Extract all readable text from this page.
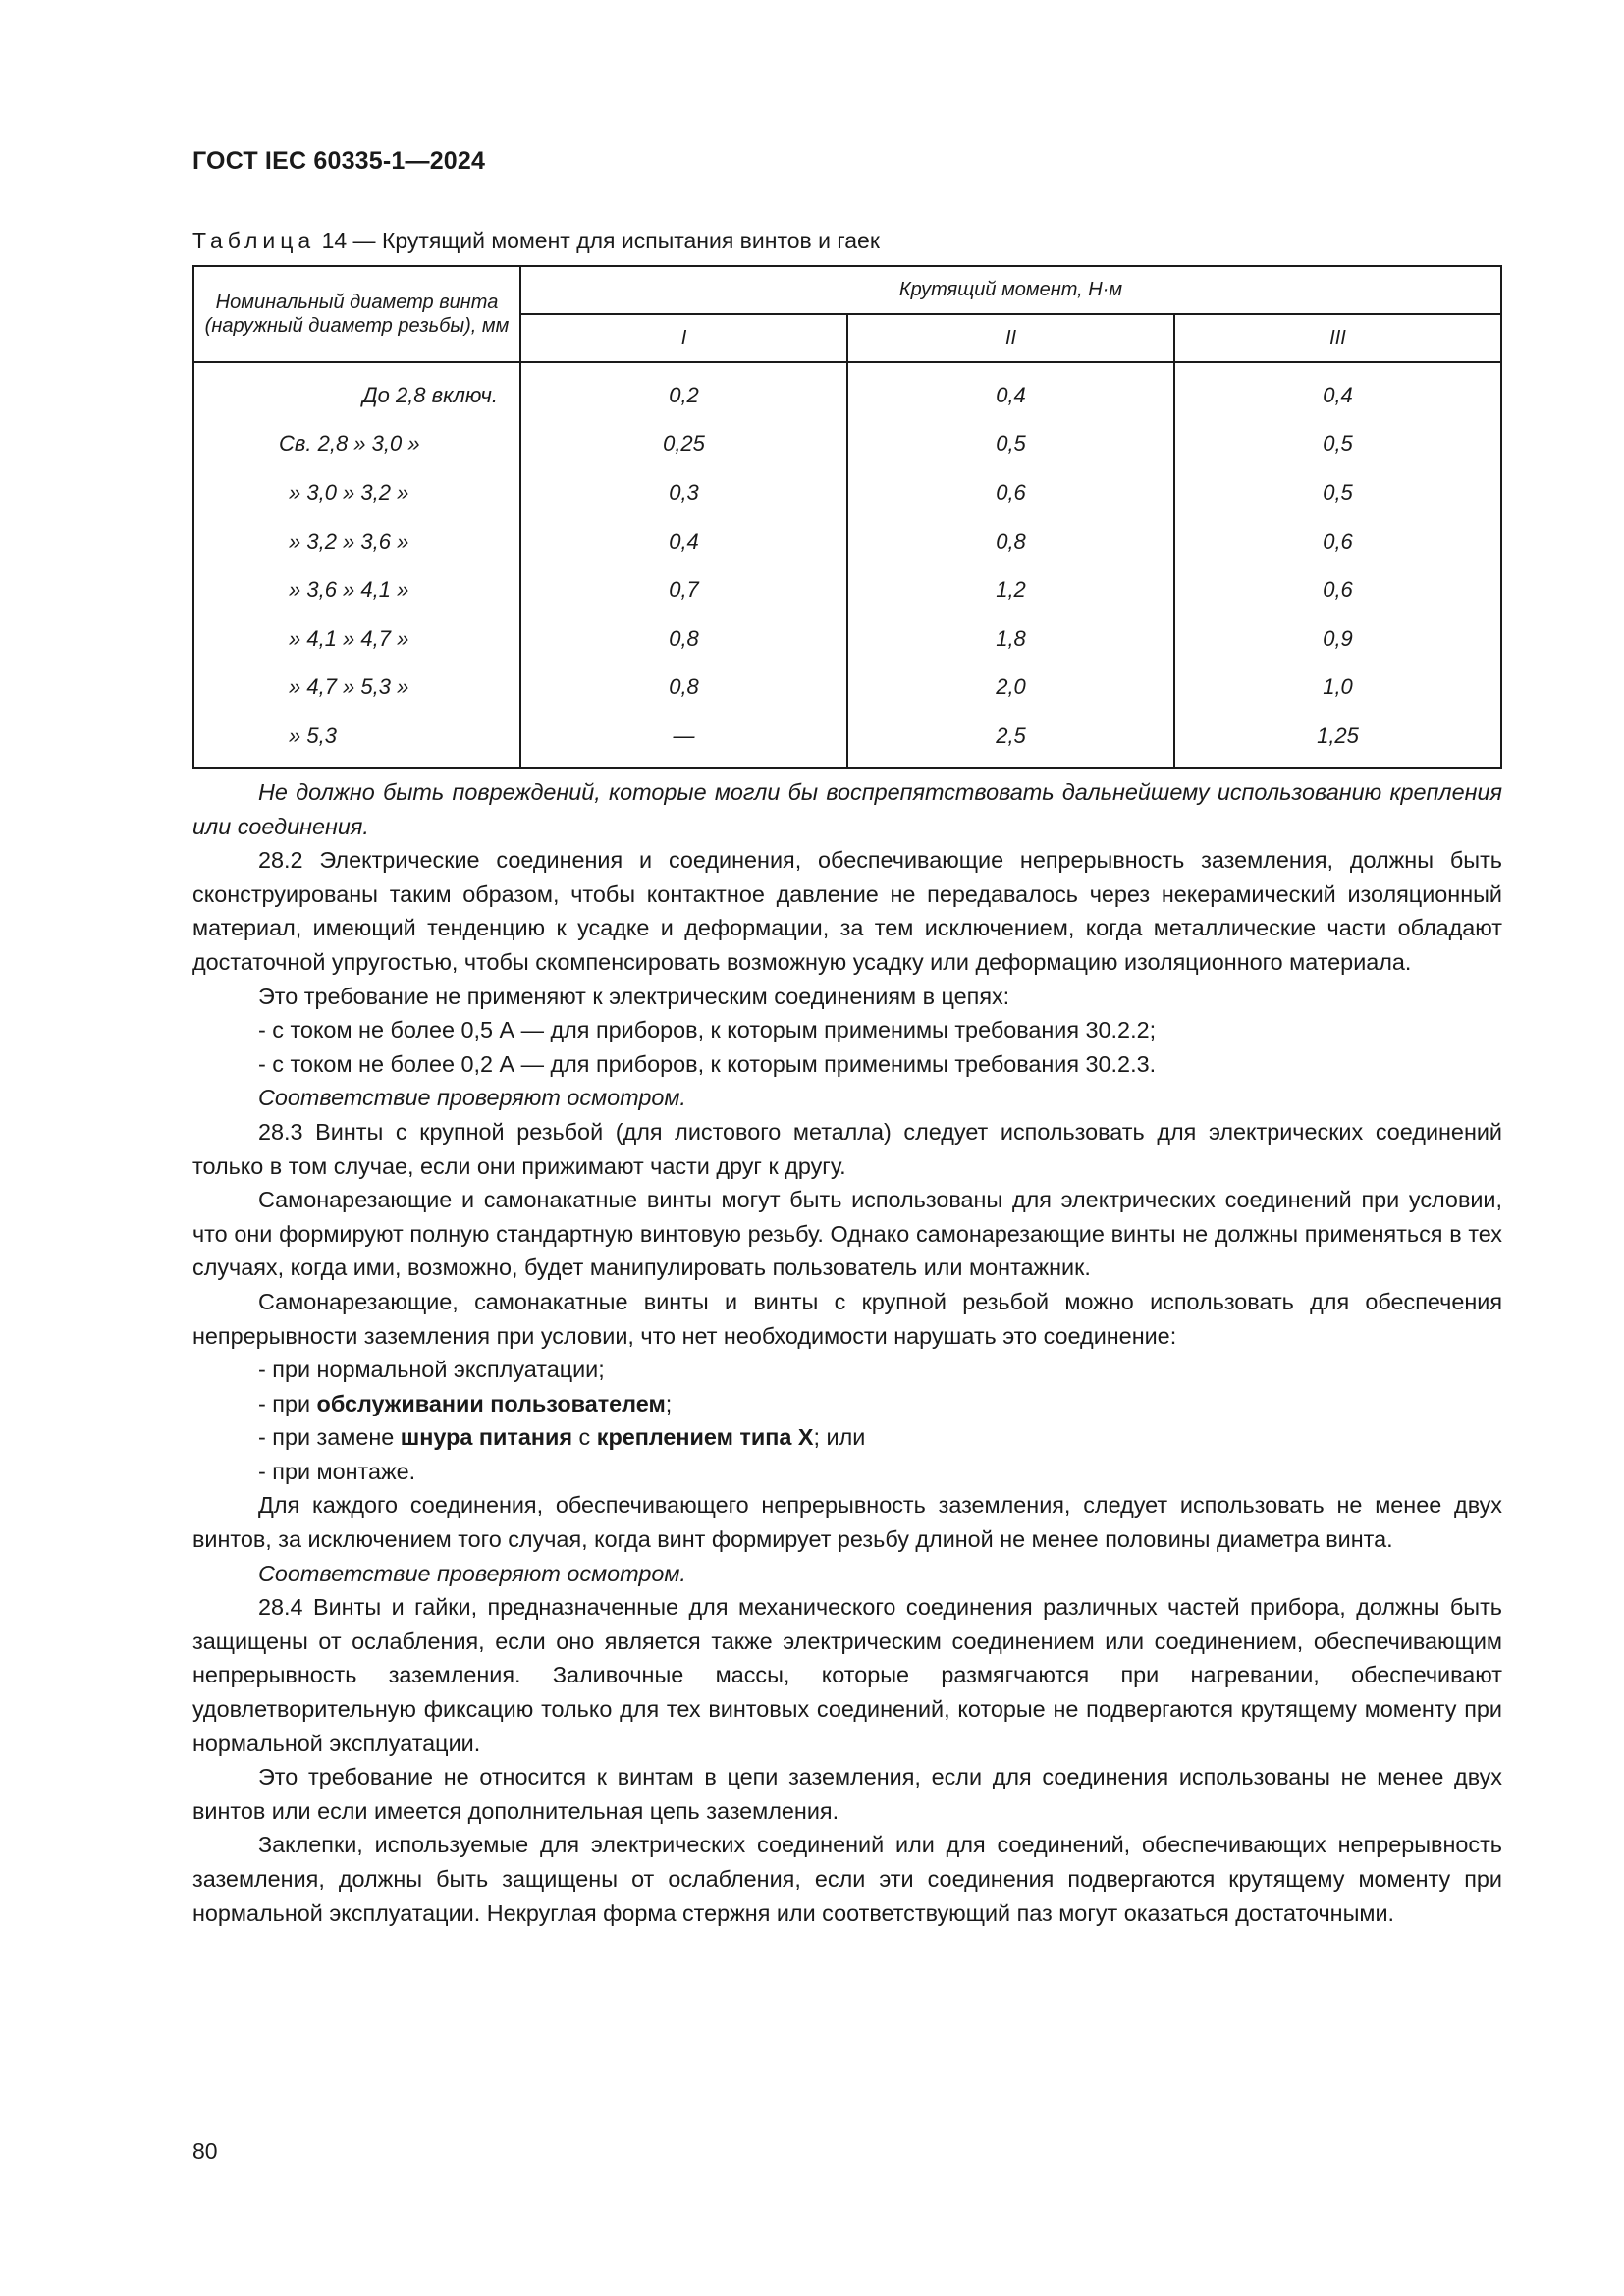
ГОСТ IEC 60335-1—2024
Таблица 14 — Крутящий момент для испытания винтов и гаек
Номинальный диаметр винта (наружный диаметр резьбы), мм	Крутящий момент, Н·м		
	I	II	III
До 2,8 включ.	0,2	0,4	0,4
Св. 2,8 » 3,0 »	0,25	0,5	0,5
» 3,0 » 3,2 »	0,3	0,6	0,5
» 3,2 » 3,6 »	0,4	0,8	0,6
» 3,6 » 4,1 »	0,7	1,2	0,6
» 4,1 » 4,7 »	0,8	1,8	0,9
» 4,7 » 5,3 »	0,8	2,0	1,0
» 5,3	—	2,5	1,25

Не должно быть повреждений, которые могли бы воспрепятствовать дальнейшему использованию крепления или соединения.

28.2 Электрические соединения и соединения, обеспечивающие непрерывность заземления, должны быть сконструированы таким образом, чтобы контактное давление не передавалось через некерамический изоляционный материал, имеющий тенденцию к усадке и деформации, за тем исключением, когда металлические части обладают достаточной упругостью, чтобы скомпенсировать возможную усадку или деформацию изоляционного материала.

Это требование не применяют к электрическим соединениям в цепях:

- с током не более 0,5 А — для приборов, к которым применимы требования 30.2.2;

- с током не более 0,2 А — для приборов, к которым применимы требования 30.2.3.

Соответствие проверяют осмотром.

28.3 Винты с крупной резьбой (для листового металла) следует использовать для электрических соединений только в том случае, если они прижимают части друг к другу.

Самонарезающие и самонакатные винты могут быть использованы для электрических соединений при условии, что они формируют полную стандартную винтовую резьбу. Однако самонарезающие винты не должны применяться в тех случаях, когда ими, возможно, будет манипулировать пользователь или монтажник.

Самонарезающие, самонакатные винты и винты с крупной резьбой можно использовать для обеспечения непрерывности заземления при условии, что нет необходимости нарушать это соединение:

- при нормальной эксплуатации;

- при обслуживании пользователем;

- при замене шнура питания с креплением типа X; или

- при монтаже.

Для каждого соединения, обеспечивающего непрерывность заземления, следует использовать не менее двух винтов, за исключением того случая, когда винт формирует резьбу длиной не менее половины диаметра винта.

Соответствие проверяют осмотром.

28.4 Винты и гайки, предназначенные для механического соединения различных частей прибора, должны быть защищены от ослабления, если оно является также электрическим соединением или соединением, обеспечивающим непрерывность заземления. Заливочные массы, которые размягчаются при нагревании, обеспечивают удовлетворительную фиксацию только для тех винтовых соединений, которые не подвергаются крутящему моменту при нормальной эксплуатации.

Это требование не относится к винтам в цепи заземления, если для соединения использованы не менее двух винтов или если имеется дополнительная цепь заземления.

Заклепки, используемые для электрических соединений или для соединений, обеспечивающих непрерывность заземления, должны быть защищены от ослабления, если эти соединения подвергаются крутящему моменту при нормальной эксплуатации. Некруглая форма стержня или соответствующий паз могут оказаться достаточными.

80
